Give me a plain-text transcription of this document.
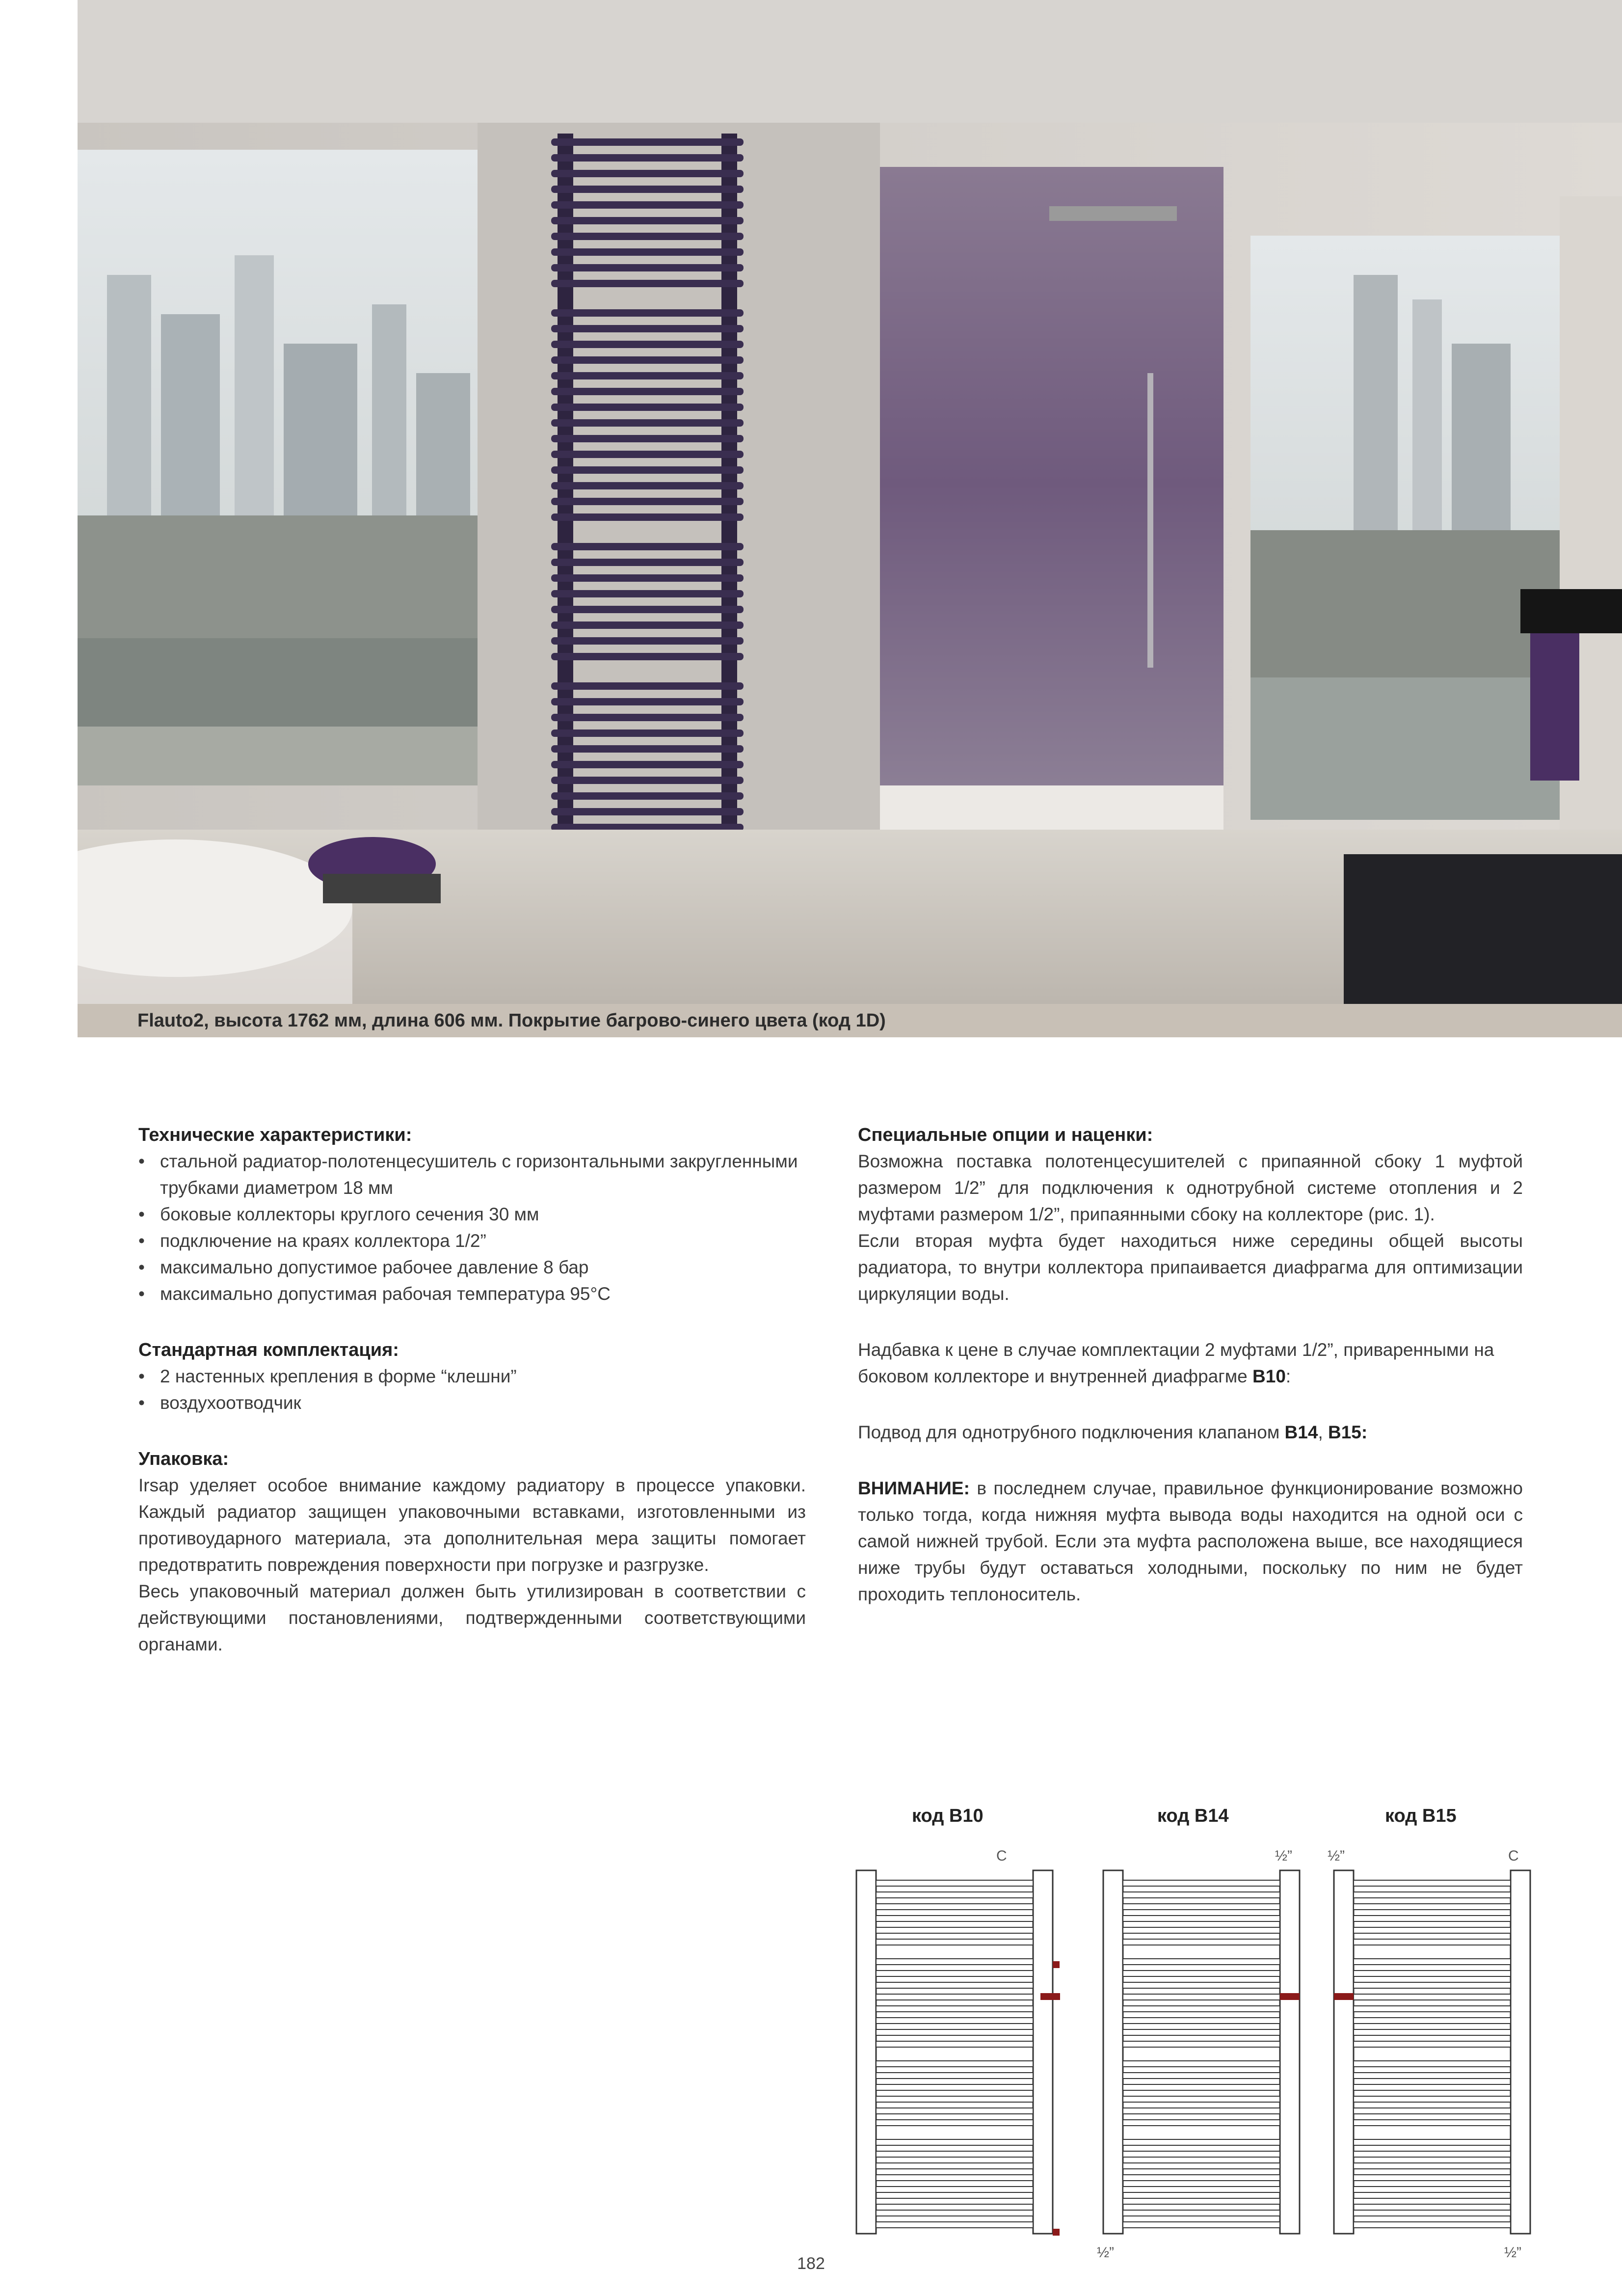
Flauto2, высота 1762 мм, длина 606 мм. Покрытие багрово-синего цвета (код 1D)
Технические характеристики:
• стальной радиатор-полотенцесушитель с горизонтальными закругленными трубками диаметром 18 мм
• боковые коллекторы круглого сечения 30 мм
• подключение на краях коллектора 1/2”
• максимально допустимое рабочее давление 8 бар
• максимально допустимая рабочая температура 95°C
Стандартная комплектация:
• 2 настенных крепления в форме “клешни”
• воздухоотводчик
Упаковка:

Irsap уделяет особое внимание каждому радиатору в процессе упаковки. Каждый радиатор защищен упаковочными вставками, изготовленными из противоударного материала, эта дополнительная мера защиты помогает предотвратить повреждения поверхности при погрузке и разгрузке.

Весь упаковочный материал должен быть утилизирован в соответствии с действующими постановлениями, подтвержденными соответствующими органами.

Специальные опции и наценки:

Возможна поставка полотенцесушителей с припаянной сбоку 1 муфтой размером 1/2” для подключения к однотрубной системе отопления и 2 муфтами размером 1/2”, припаянными сбоку на коллекторе (рис. 1).

Если вторая муфта будет находиться ниже середины общей высоты радиатора, то внутри коллектора припаивается диафрагма для оптимизации циркуляции воды.

Надбавка к цене в случае комплектации 2 муфтами 1/2”, приваренными на боковом коллекторе и внутренней диафрагме B10:

Подвод для однотрубного подключения клапаном B14, B15:

ВНИМАНИЕ: в последнем случае, правильное функционирование возможно только тогда, когда нижняя муфта вывода воды находится на одной оси с самой нижней трубой. Если эта муфта расположена выше, все находящиеся ниже трубы будут оставаться холодными, поскольку по ним не будет проходить теплоноситель.

код B10	код B14	код B15
C	½” ½”	C
½”	½”
182
